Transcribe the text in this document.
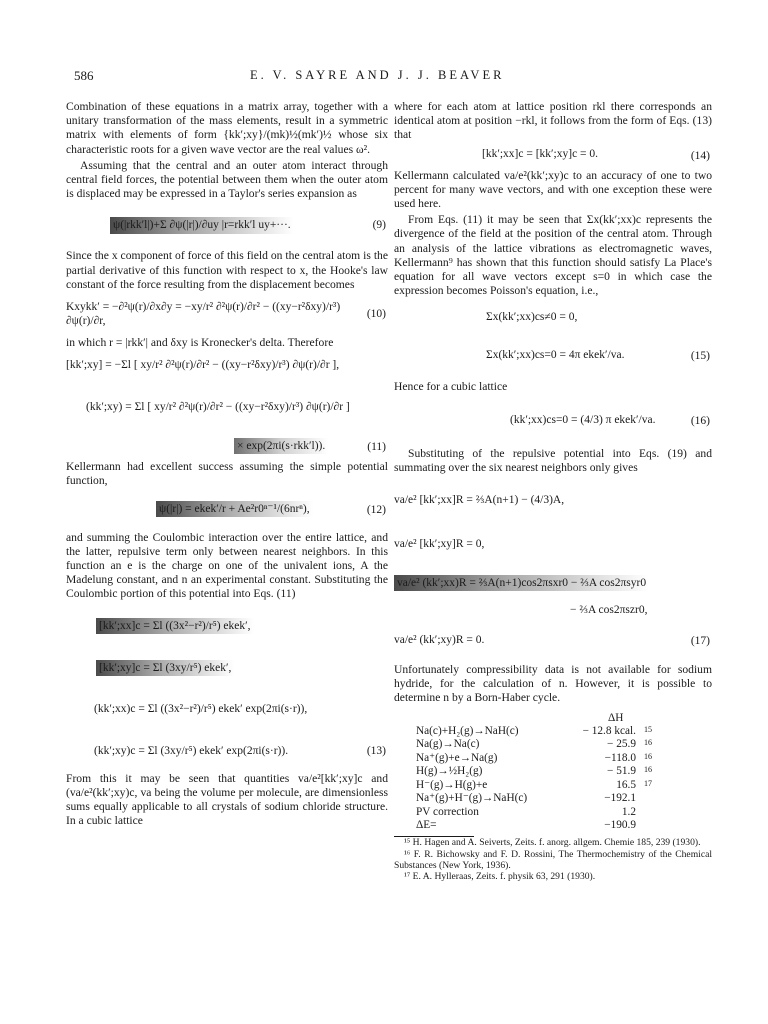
586	E. V. SAYRE AND J. J. BEAVER

Combination of these equations in a matrix array, together with a unitary transformation of the mass elements, result in a symmetric matrix with elements of form {kk′;xy}/(mk)½(mk′)½ whose six characteristic roots for a given wave vector are the real values ω².

Assuming that the central and an outer atom interact through central field forces, the potential between them when the outer atom is displaced may be expressed in a Taylor's series expansion as

ψ(|rkk′l|)+Σ ∂ψ(|r|)/∂uy |r=rkk′l uy+···.	(9)

Since the x component of force of this field on the central atom is the partial derivative of this function with respect to x, the Hooke's law constant of the force resulting from the displacement becomes

Kxykk′ = −∂²ψ(r)/∂x∂y = −xy/r² ∂²ψ(r)/∂r² − ((xy−r²δxy)/r³) ∂ψ(r)/∂r,
(10)

in which r = |rkk′| and δxy is Kronecker's delta. Therefore

[kk′;xy] = −Σl [ xy/r² ∂²ψ(r)/∂r² − ((xy−r²δxy)/r³) ∂ψ(r)/∂r ],
(kk′;xy) = Σl [ xy/r² ∂²ψ(r)/∂r² − ((xy−r²δxy)/r³) ∂ψ(r)/∂r ]
× exp(2πi(s·rkk′l)).	(11)

Kellermann had excellent success assuming the simple potential function,

ψ(|r|) = ekek′/r + Ae²r0ⁿ⁻¹/(6nrⁿ),	(12)

and summing the Coulombic interaction over the entire lattice, and the latter, repulsive term only between nearest neighbors. In this function an e is the charge on one of the univalent ions, A the Madelung constant, and n an experimental constant. Substituting the Coulombic portion of this potential into Eqs. (11)

[kk′;xx]c = Σl ((3x²−r²)/r⁵) ekek′,
[kk′;xy]c = Σl (3xy/r⁵) ekek′,
(kk′;xx)c = Σl ((3x²−r²)/r⁵) ekek′ exp(2πi(s·r)),
(kk′;xy)c = Σl (3xy/r⁵) ekek′ exp(2πi(s·r)).	(13)

From this it may be seen that quantities va/e²[kk′;xy]c and (va/e²(kk′;xy)c, va being the volume per molecule, are dimensionless sums equally applicable to all crystals of sodium chloride structure. In a cubic lattice

where for each atom at lattice position rkl there corresponds an identical atom at position −rkl, it follows from the form of Eqs. (13) that

[kk′;xx]c = [kk′;xy]c = 0.	(14)

Kellermann calculated va/e²(kk′;xy)c to an accuracy of one to two percent for many wave vectors, and with one exception these were used here.

From Eqs. (11) it may be seen that Σx(kk′;xx)c represents the divergence of the field at the position of the central atom. Through an analysis of the lattice vibrations as electromagnetic waves, Kellermann⁹ has shown that this function should satisfy La Place's equation for all wave vectors except s=0 in which case the expression becomes Poisson's equation, i.e.,

Σx(kk′;xx)cs≠0 = 0,
Σx(kk′;xx)cs=0 = 4π ekek′/va.	(15)

Hence for a cubic lattice

(kk′;xx)cs=0 = (4/3) π ekek′/va.	(16)

Substituting of the repulsive potential into Eqs. (19) and summating over the six nearest neighbors only gives

va/e² [kk′;xx]R = ⅔A(n+1) − (4/3)A,
va/e² [kk′;xy]R = 0,
va/e² (kk′;xx)R = ⅔A(n+1)cos2πsxr0 − ⅔A cos2πsyr0
− ⅔A cos2πszr0,
va/e² (kk′;xy)R = 0.	(17)

Unfortunately compressibility data is not available for sodium hydride, for the calculation of n. However, it is possible to determine n by a Born-Haber cycle.

ΔH
Na(c)+H₂(g)→NaH(c)	− 12.8 kcal.	15
Na(g)→Na(c)	− 25.9	16
Na⁺(g)+e→Na(g)	−118.0	16
H(g)→½H₂(g)	− 51.9	16
H⁻(g)→H(g)+e	16.5	17
Na⁺(g)+H⁻(g)→NaH(c)	−192.1
PV correction	1.2
ΔE=	−190.9

¹⁵ H. Hagen and A. Seiverts, Zeits. f. anorg. allgem. Chemie 185, 239 (1930).

¹⁶ F. R. Bichowsky and F. D. Rossini, The Thermochemistry of the Chemical Substances (New York, 1936).

¹⁷ E. A. Hylleraas, Zeits. f. physik 63, 291 (1930).
